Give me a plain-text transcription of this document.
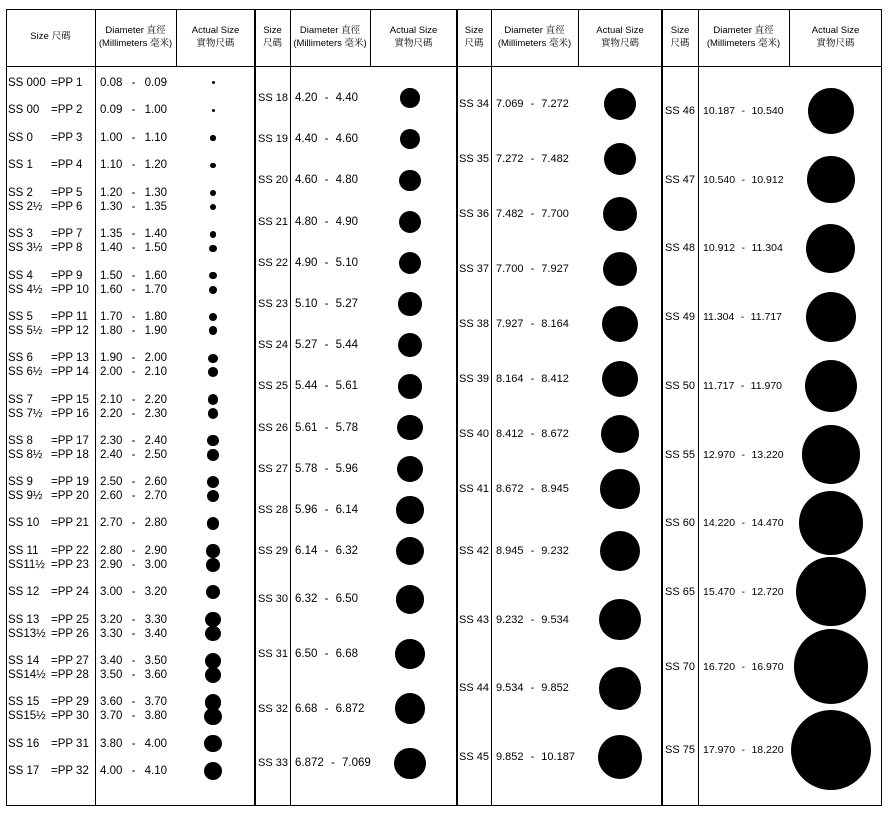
Size 尺碼
Diameter 直徑
(Millimeters 毫米)
Actual Size
實物尺碼
Size
尺碼
Diameter 直徑
(Millimeters 毫米)
Actual Size
實物尺碼
Size
尺碼
Diameter 直徑
(Millimeters 毫米)
Actual Size
實物尺碼
Size
尺碼
Diameter 直徑
(Millimeters 毫米)
Actual Size
實物尺碼
SS 000 =PP 1 0.08 - 0.09
SS 00 =PP 2 0.09 - 1.00
SS 0 =PP 3 1.00 - 1.10
SS 1 =PP 4 1.10 - 1.20
SS 2 =PP 5 1.20 - 1.30
SS 2½ =PP 6 1.30 - 1.35
SS 3 =PP 7 1.35 - 1.40
SS 3½ =PP 8 1.40 - 1.50
SS 4 =PP 9 1.50 - 1.60
SS 4½ =PP 10 1.60 - 1.70
SS 5 =PP 11 1.70 - 1.80
SS 5½ =PP 12 1.80 - 1.90
SS 6 =PP 13 1.90 - 2.00
SS 6½ =PP 14 2.00 - 2.10
SS 7 =PP 15 2.10 - 2.20
SS 7½ =PP 16 2.20 - 2.30
SS 8 =PP 17 2.30 - 2.40
SS 8½ =PP 18 2.40 - 2.50
SS 9 =PP 19 2.50 - 2.60
SS 9½ =PP 20 2.60 - 2.70
SS 10 =PP 21 2.70 - 2.80
SS 11 =PP 22 2.80 - 2.90
SS11½ =PP 23 2.90 - 3.00
SS 12 =PP 24 3.00 - 3.20
SS 13 =PP 25 3.20 - 3.30
SS13½ =PP 26 3.30 - 3.40
SS 14 =PP 27 3.40 - 3.50
SS14½ =PP 28 3.50 - 3.60
SS 15 =PP 29 3.60 - 3.70
SS15½ =PP 30 3.70 - 3.80
SS 16 =PP 31 3.80 - 4.00
SS 17 =PP 32 4.00 - 4.10
SS 18 4.20 - 4.40
SS 19 4.40 - 4.60
SS 20 4.60 - 4.80
SS 21 4.80 - 4.90
SS 22 4.90 - 5.10
SS 23 5.10 - 5.27
SS 24 5.27 - 5.44
SS 25 5.44 - 5.61
SS 26 5.61 - 5.78
SS 27 5.78 - 5.96
SS 28 5.96 - 6.14
SS 29 6.14 - 6.32
SS 30 6.32 - 6.50
SS 31 6.50 - 6.68
SS 32 6.68 - 6.872
SS 33 6.872 - 7.069
SS 34 7.069 - 7.272
SS 35 7.272 - 7.482
SS 36 7.482 - 7.700
SS 37 7.700 - 7.927
SS 38 7.927 - 8.164
SS 39 8.164 - 8.412
SS 40 8.412 - 8.672
SS 41 8.672 - 8.945
SS 42 8.945 - 9.232
SS 43 9.232 - 9.534
SS 44 9.534 - 9.852
SS 45 9.852 - 10.187
SS 46 10.187 - 10.540
SS 47 10.540 - 10.912
SS 48 10.912 - 11.304
SS 49 11.304 - 11.717
SS 50 11.717 - 11.970
SS 55 12.970 - 13.220
SS 60 14.220 - 14.470
SS 65 15.470 - 12.720
SS 70 16.720 - 16.970
SS 75 17.970 - 18.220
